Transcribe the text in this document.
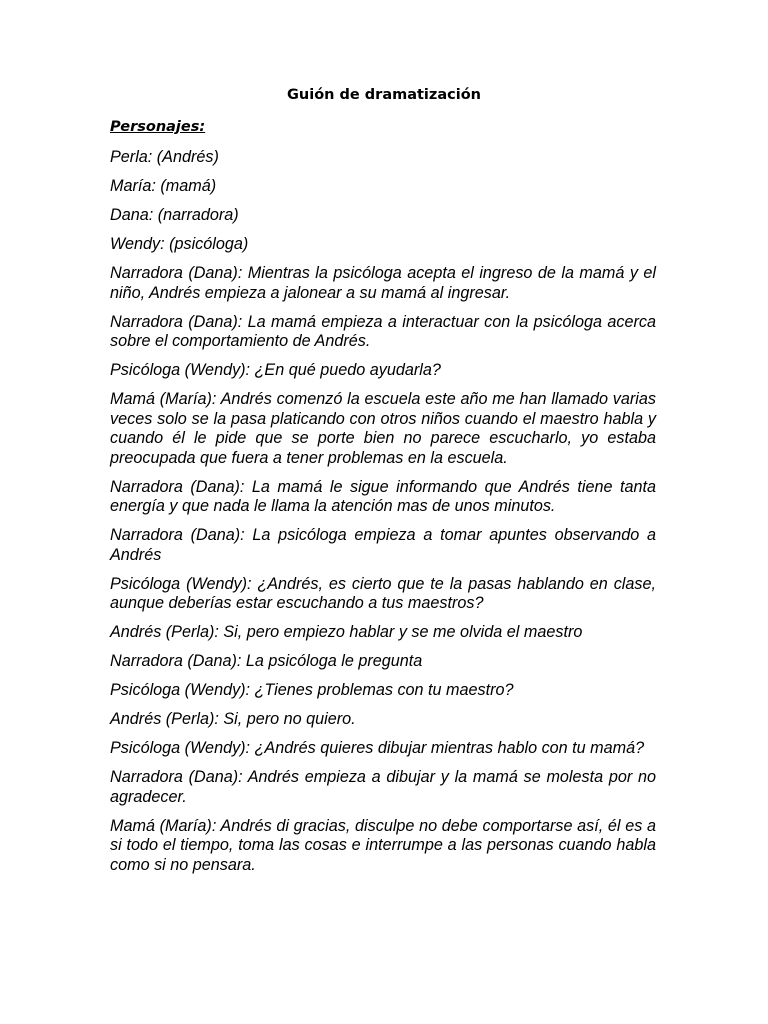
Guión de dramatización

Personajes:

Perla: (Andrés)

María: (mamá)

Dana: (narradora)

Wendy: (psicóloga)

Narradora (Dana): Mientras la psicóloga acepta el ingreso de la mamá y el niño, Andrés empieza a jalonear a su mamá al ingresar.

Narradora (Dana): La mamá empieza a interactuar con la psicóloga acerca sobre el comportamiento de Andrés.

Psicóloga (Wendy): ¿En qué puedo ayudarla?

Mamá (María): Andrés comenzó la escuela este año me han llamado varias veces solo se la pasa platicando con otros niños cuando el maestro habla y cuando él le pide que se porte bien no parece escucharlo, yo estaba preocupada que fuera a tener problemas en la escuela.

Narradora (Dana): La mamá le sigue informando que Andrés tiene tanta energía y que nada le llama la atención mas de unos minutos.

Narradora (Dana): La psicóloga empieza a tomar apuntes observando a Andrés

Psicóloga (Wendy): ¿Andrés, es cierto que te la pasas hablando en clase, aunque deberías estar escuchando a tus maestros?

Andrés (Perla): Si, pero empiezo hablar y se me olvida el maestro

Narradora (Dana): La psicóloga le pregunta

Psicóloga (Wendy): ¿Tienes problemas con tu maestro?

Andrés (Perla): Si, pero no quiero.

Psicóloga (Wendy): ¿Andrés quieres dibujar mientras hablo con tu mamá?

Narradora (Dana): Andrés empieza a dibujar y la mamá se molesta por no agradecer.

Mamá (María): Andrés di gracias, disculpe no debe comportarse así, él es a si todo el tiempo, toma las cosas e interrumpe a las personas cuando habla como si no pensara.
